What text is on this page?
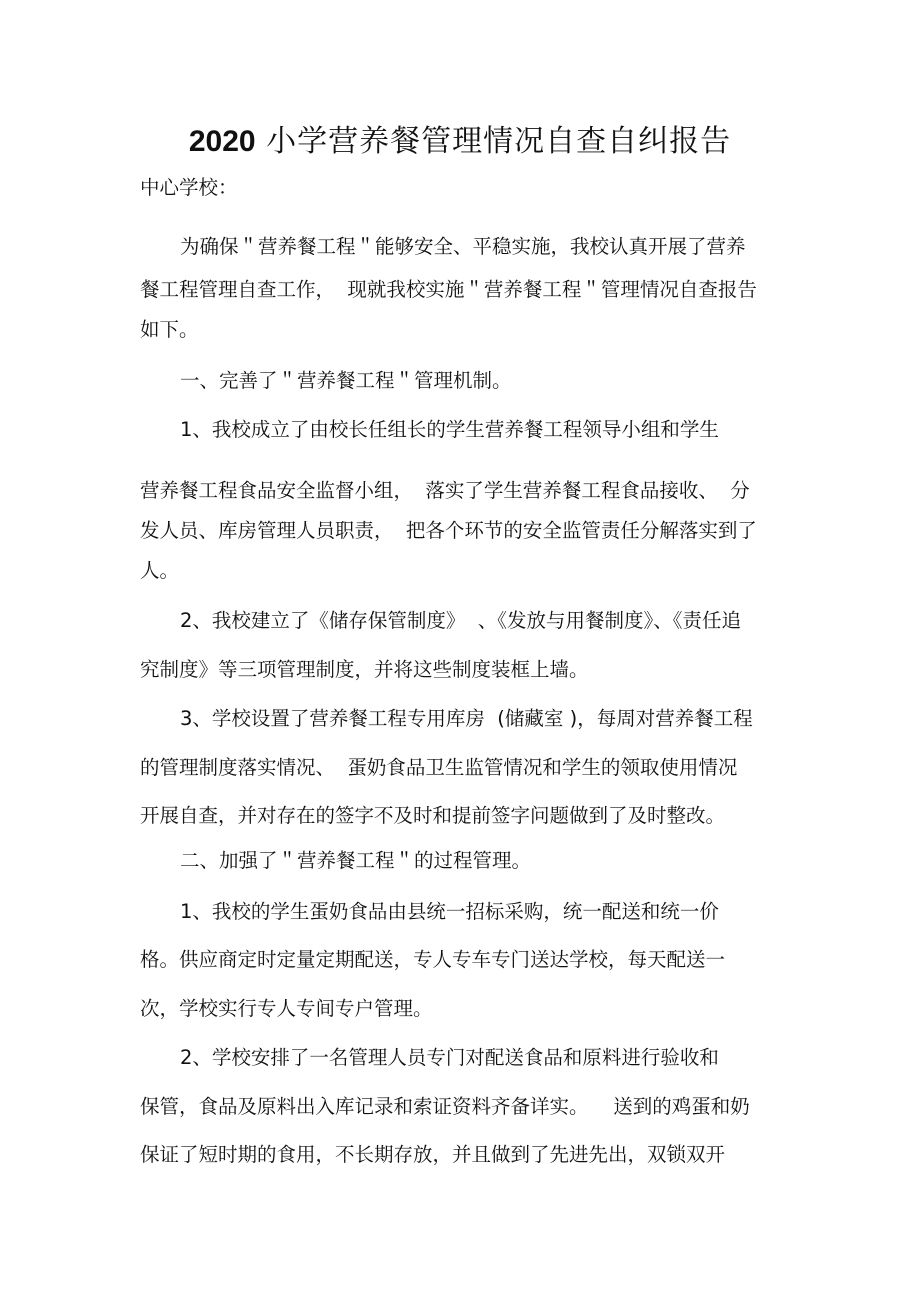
2020 小学营养餐管理情况自查自纠报告
中心学校：
为确保＂营养餐工程＂能够安全、平稳实施，我校认真开展了营养
餐工程管理自查工作，  现就我校实施＂营养餐工程＂管理情况自查报告
如下。
一、完善了＂营养餐工程＂管理机制。
1、我校成立了由校长任组长的学生营养餐工程领导小组和学生
营养餐工程食品安全监督小组，  落实了学生营养餐工程食品接收、  分
发人员、库房管理人员职责，  把各个环节的安全监管责任分解落实到了
人。
2、我校建立了《储存保管制度》  、《发放与用餐制度》、《责任追
究制度》等三项管理制度，并将这些制度装框上墙。
3、学校设置了营养餐工程专用库房  (储藏室 )，每周对营养餐工程
的管理制度落实情况、  蛋奶食品卫生监管情况和学生的领取使用情况
开展自查，并对存在的签字不及时和提前签字问题做到了及时整改。
二、加强了＂营养餐工程＂的过程管理。
1、我校的学生蛋奶食品由县统一招标采购，统一配送和统一价
格。供应商定时定量定期配送，专人专车专门送达学校，每天配送一
次，学校实行专人专间专户管理。
2、学校安排了一名管理人员专门对配送食品和原料进行验收和
保管，食品及原料出入库记录和索证资料齐备详实。    送到的鸡蛋和奶
保证了短时期的食用，不长期存放，并且做到了先进先出，双锁双开
